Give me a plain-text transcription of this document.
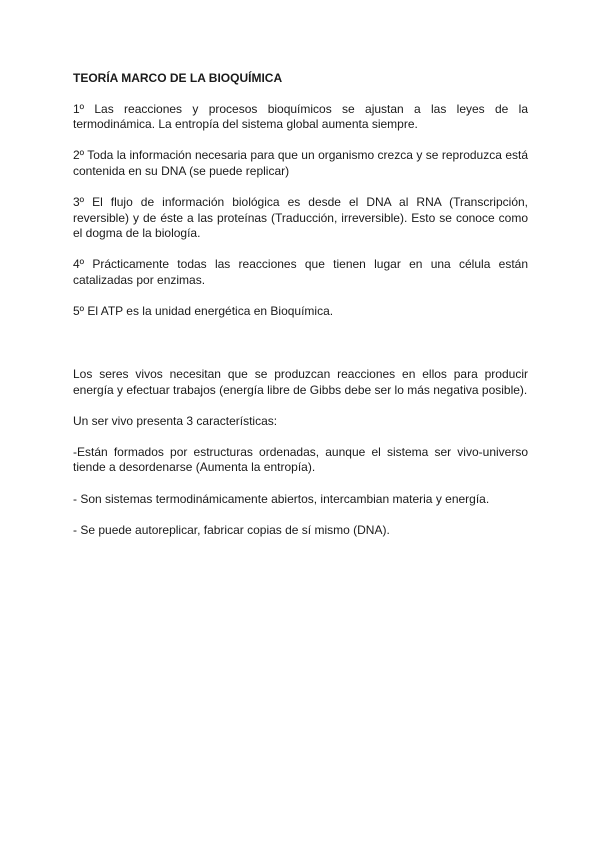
TEORÍA MARCO DE LA BIOQUÍMICA

1º Las reacciones y procesos bioquímicos se ajustan a las leyes de la termodinámica. La entropía del sistema global aumenta siempre.

2º Toda la información necesaria para que un organismo crezca y se reproduzca está contenida en su DNA (se puede replicar)

3º El flujo de información biológica es desde el DNA al RNA (Transcripción, reversible) y de éste a las proteínas (Traducción, irreversible). Esto se conoce como el dogma de la biología.

4º Prácticamente todas las reacciones que tienen lugar en una célula están catalizadas por enzimas.

5º El ATP es la unidad energética en Bioquímica.

Los seres vivos necesitan que se produzcan reacciones en ellos para producir energía y efectuar trabajos (energía libre de Gibbs debe ser lo más negativa posible).

Un ser vivo presenta 3 características:

-Están formados por estructuras ordenadas, aunque el sistema ser vivo-universo tiende a desordenarse (Aumenta la entropía).

- Son sistemas termodinámicamente abiertos, intercambian materia y energía.

- Se puede autoreplicar, fabricar copias de sí mismo (DNA).
